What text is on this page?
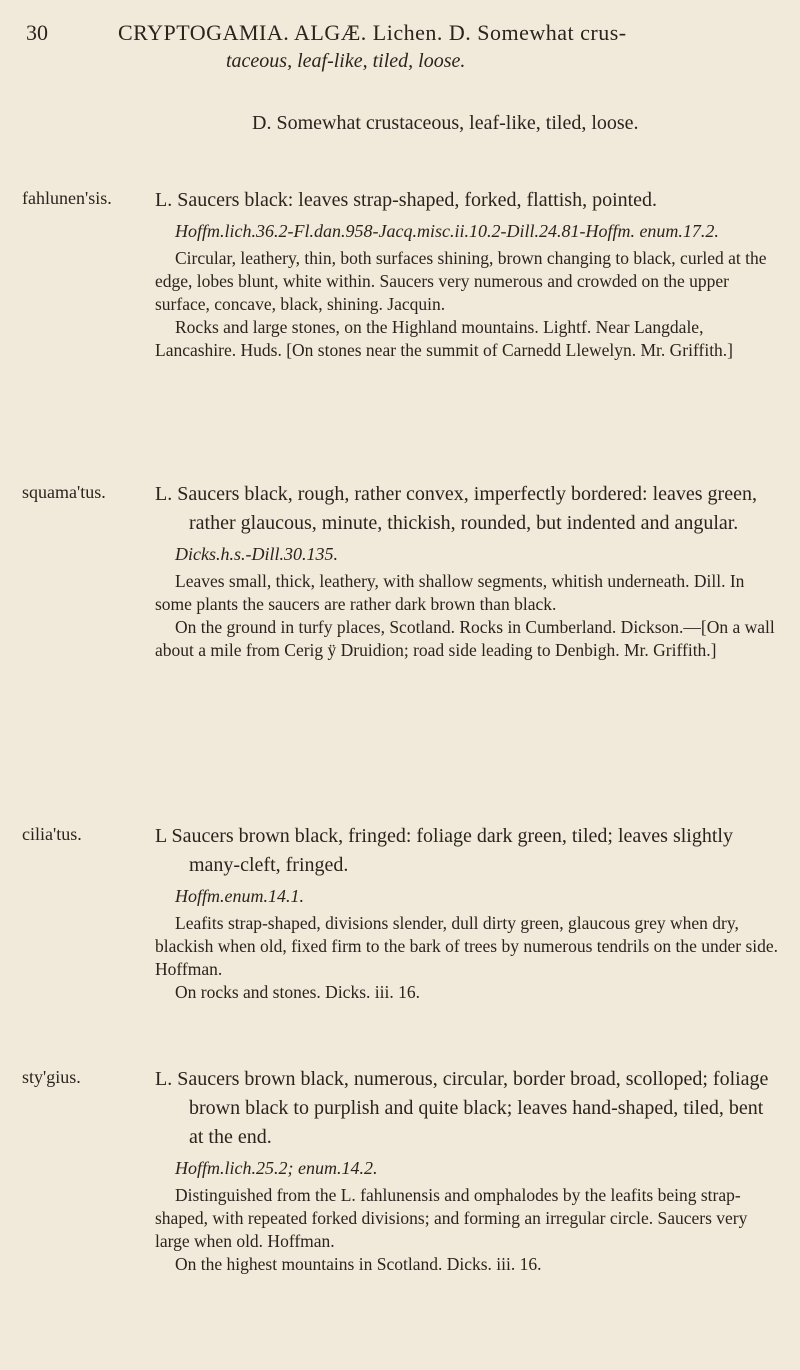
30	CRYPTOGAMIA. ALGÆ. Lichen. D. Somewhat crus-
taceous, leaf-like, tiled, loose.
D. Somewhat crustaceous, leaf-like, tiled, loose.
fahlunen'sis. L. Saucers black: leaves strap-shaped, forked, flattish, pointed.

Hoffm.lich.36.2-Fl.dan.958-Jacq.misc.ii.10.2-Dill.24.81-Hoffm. enum.17.2.

Circular, leathery, thin, both surfaces shining, brown changing to black, curled at the edge, lobes blunt, white within. Saucers very numerous and crowded on the upper surface, concave, black, shining. Jacquin.

Rocks and large stones, on the Highland mountains. Lightf. Near Langdale, Lancashire. Huds. [On stones near the summit of Carnedd Llewelyn. Mr. Griffith.]

squama'tus. L. Saucers black, rough, rather convex, imperfectly bordered: leaves green, rather glaucous, minute, thickish, rounded, but indented and angular.

Dicks.h.s.-Dill.30.135.

Leaves small, thick, leathery, with shallow segments, whitish underneath. Dill. In some plants the saucers are rather dark brown than black.

On the ground in turfy places, Scotland. Rocks in Cumberland. Dickson.—[On a wall about a mile from Cerig ÿ Druidion; road side leading to Denbigh. Mr. Griffith.]

cilia'tus.	L Saucers brown black, fringed: foliage dark green, tiled; leaves slightly many-cleft, fringed.

Hoffm.enum.14.1.

Leafits strap-shaped, divisions slender, dull dirty green, glaucous grey when dry, blackish when old, fixed firm to the bark of trees by numerous tendrils on the under side. Hoffman.

On rocks and stones. Dicks. iii. 16.

sty'gius.	L. Saucers brown black, numerous, circular, border broad, scolloped; foliage brown black to purplish and quite black; leaves hand-shaped, tiled, bent at the end.

Hoffm.lich.25.2; enum.14.2.

Distinguished from the L. fahlunensis and omphalodes by the leafits being strap-shaped, with repeated forked divisions; and forming an irregular circle. Saucers very large when old. Hoffman.

On the highest mountains in Scotland. Dicks. iii. 16.
